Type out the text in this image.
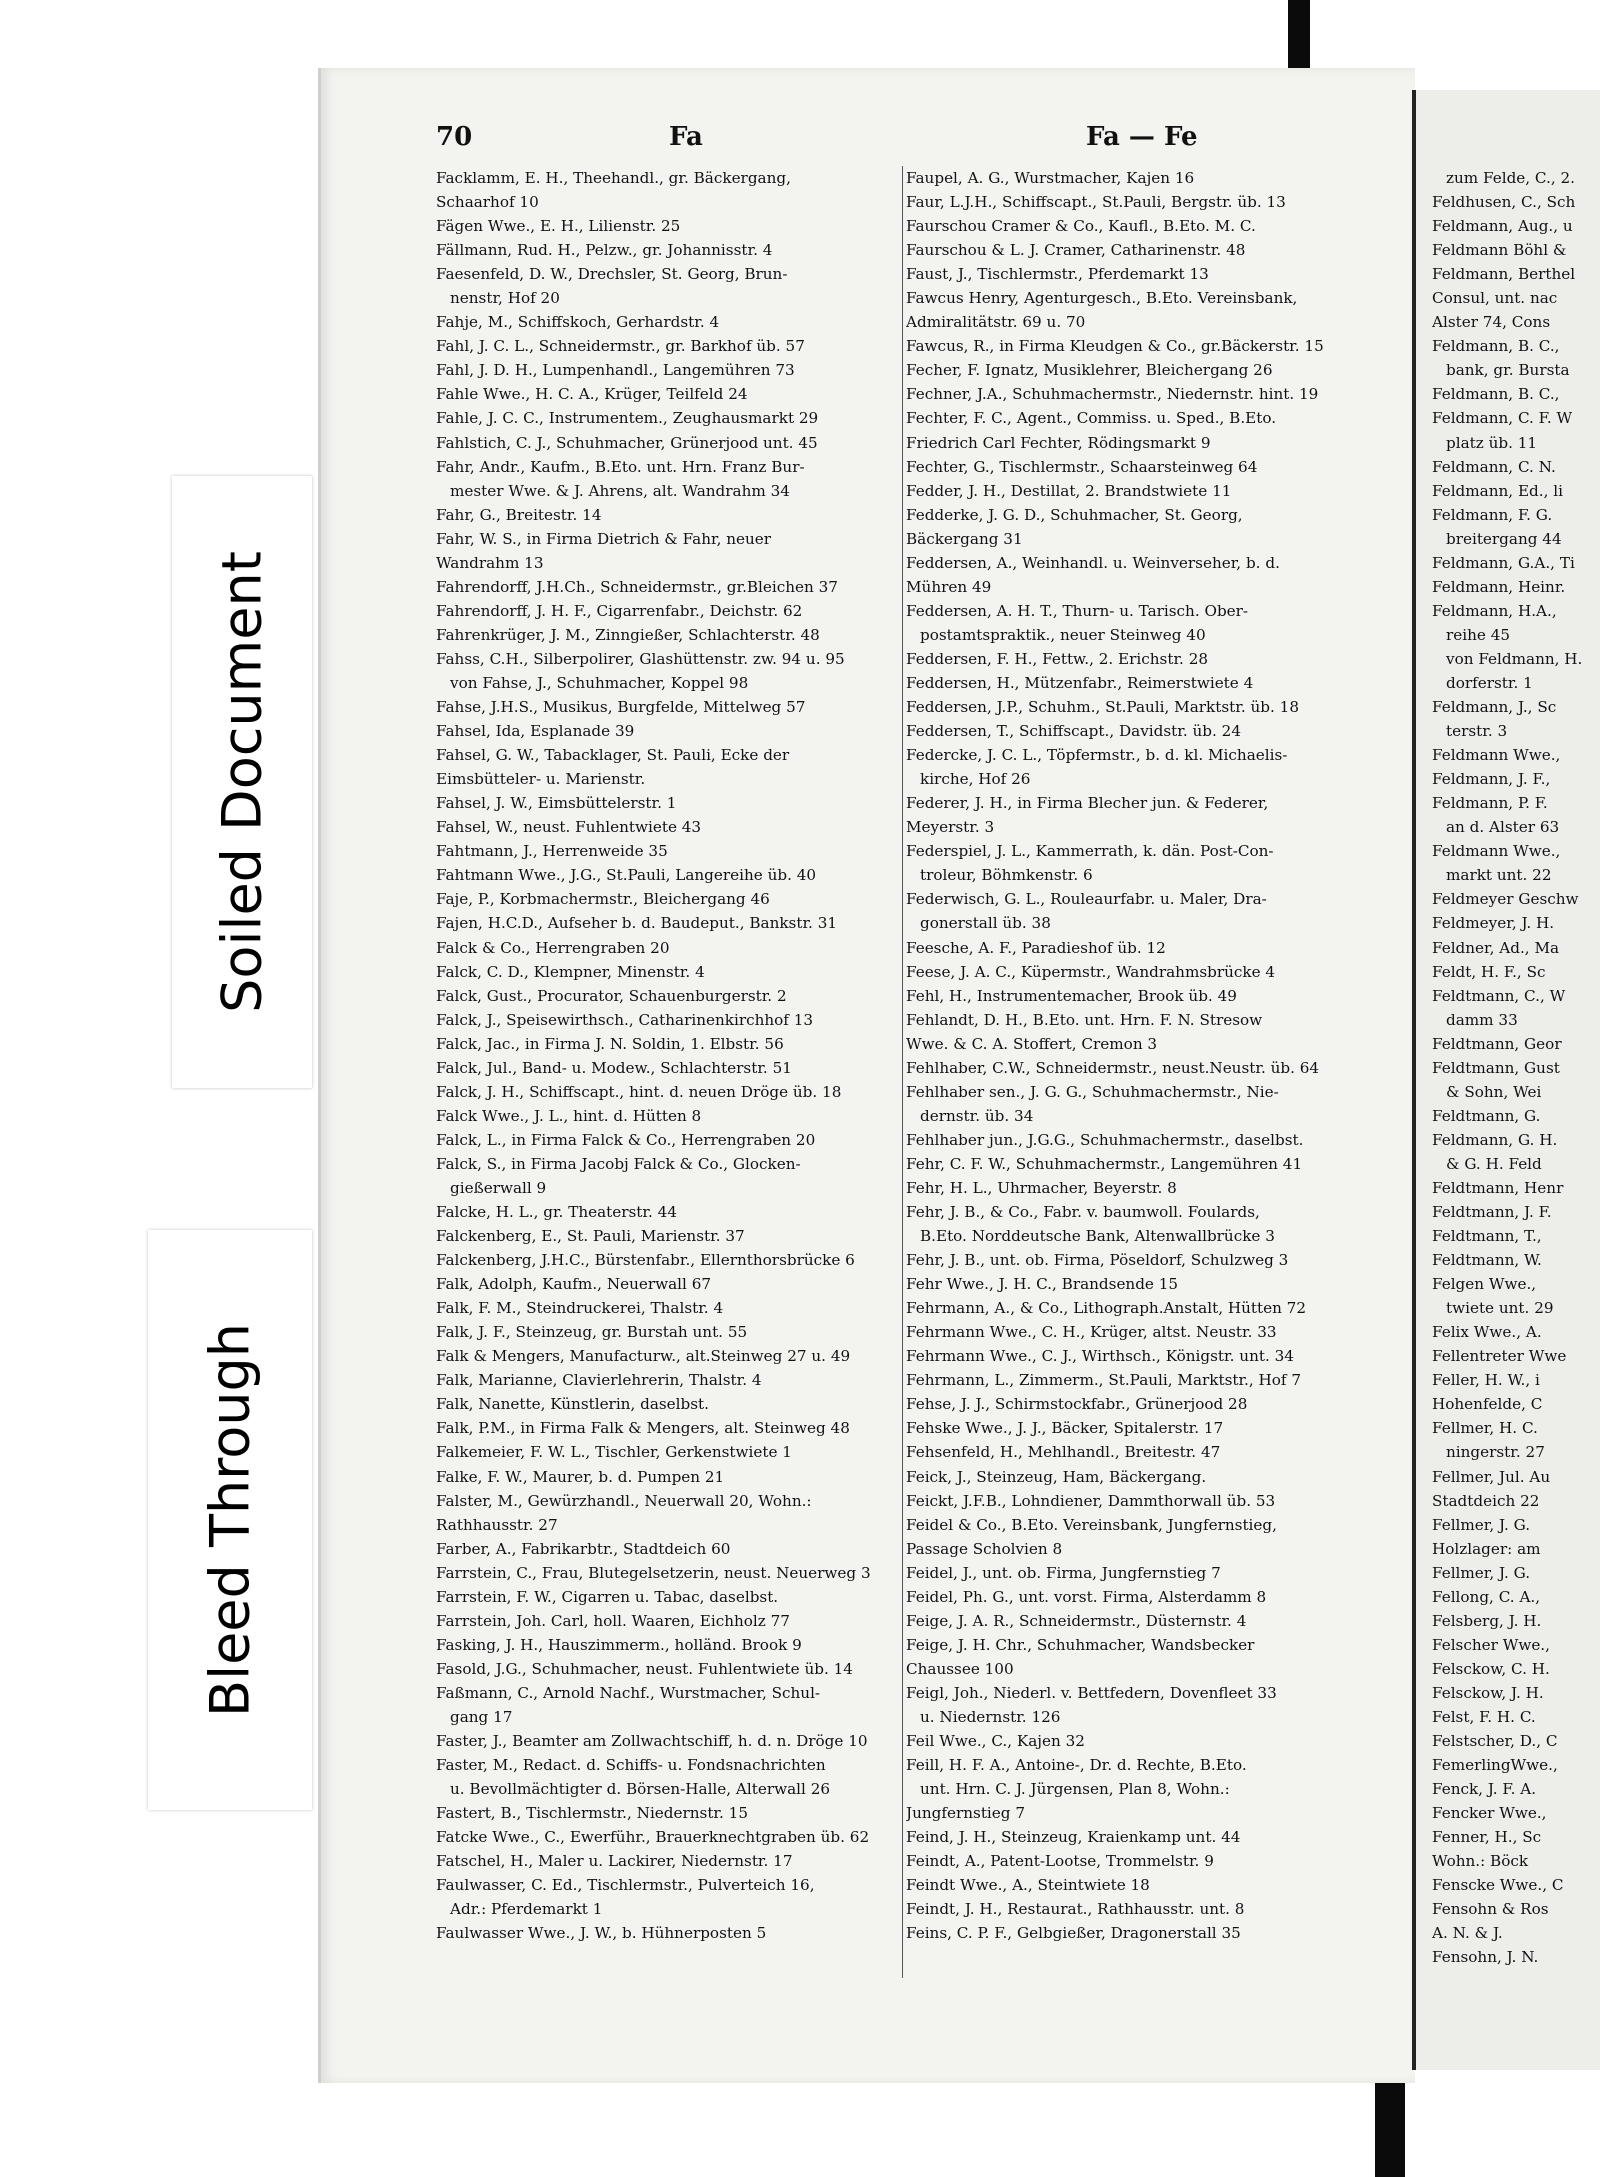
70	Fa	Fa — Fe
Facklamm, E. H., Theehandl., gr. Bäckergang,
Schaarhof 10
Fägen Wwe., E. H., Lilienstr. 25
Fällmann, Rud. H., Pelzw., gr. Johannisstr. 4
Faesenfeld, D. W., Drechsler, St. Georg, Brun-
nenstr, Hof 20
Fahje, M., Schiffskoch, Gerhardstr. 4
Fahl, J. C. L., Schneidermstr., gr. Barkhof üb. 57
Fahl, J. D. H., Lumpenhandl., Langemühren 73
Fahle Wwe., H. C. A., Krüger, Teilfeld 24
Fahle, J. C. C., Instrumentem., Zeughausmarkt 29
Fahlstich, C. J., Schuhmacher, Grünerjood unt. 45
Fahr, Andr., Kaufm., B.Eto. unt. Hrn. Franz Bur-
mester Wwe. & J. Ahrens, alt. Wandrahm 34
Fahr, G., Breitestr. 14
Fahr, W. S., in Firma Dietrich & Fahr, neuer
Wandrahm 13
Fahrendorff, J.H.Ch., Schneidermstr., gr.Bleichen 37
Fahrendorff, J. H. F., Cigarrenfabr., Deichstr. 62
Fahrenkrüger, J. M., Zinngießer, Schlachterstr. 48
Fahss, C.H., Silberpolirer, Glashüttenstr. zw. 94 u. 95
von Fahse, J., Schuhmacher, Koppel 98
Fahse, J.H.S., Musikus, Burgfelde, Mittelweg 57
Fahsel, Ida, Esplanade 39
Fahsel, G. W., Tabacklager, St. Pauli, Ecke der
Eimsbütteler- u. Marienstr.
Fahsel, J. W., Eimsbüttelerstr. 1
Fahsel, W., neust. Fuhlentwiete 43
Fahtmann, J., Herrenweide 35
Fahtmann Wwe., J.G., St.Pauli, Langereihe üb. 40
Faje, P., Korbmachermstr., Bleichergang 46
Fajen, H.C.D., Aufseher b. d. Baudeput., Bankstr. 31
Falck & Co., Herrengraben 20
Falck, C. D., Klempner, Minenstr. 4
Falck, Gust., Procurator, Schauenburgerstr. 2
Falck, J., Speisewirthsch., Catharinenkirchhof 13
Falck, Jac., in Firma J. N. Soldin, 1. Elbstr. 56
Falck, Jul., Band- u. Modew., Schlachterstr. 51
Falck, J. H., Schiffscapt., hint. d. neuen Dröge üb. 18
Falck Wwe., J. L., hint. d. Hütten 8
Falck, L., in Firma Falck & Co., Herrengraben 20
Falck, S., in Firma Jacobj Falck & Co., Glocken-
gießerwall 9
Falcke, H. L., gr. Theaterstr. 44
Falckenberg, E., St. Pauli, Marienstr. 37
Falckenberg, J.H.C., Bürstenfabr., Ellernthorsbrücke 6
Falk, Adolph, Kaufm., Neuerwall 67
Falk, F. M., Steindruckerei, Thalstr. 4
Falk, J. F., Steinzeug, gr. Burstah unt. 55
Falk & Mengers, Manufacturw., alt.Steinweg 27 u. 49
Falk, Marianne, Clavierlehrerin, Thalstr. 4
Falk, Nanette, Künstlerin, daselbst.
Falk, P.M., in Firma Falk & Mengers, alt. Steinweg 48
Falkemeier, F. W. L., Tischler, Gerkenstwiete 1
Falke, F. W., Maurer, b. d. Pumpen 21
Falster, M., Gewürzhandl., Neuerwall 20, Wohn.:
Rathhausstr. 27
Farber, A., Fabrikarbtr., Stadtdeich 60
Farrstein, C., Frau, Blutegelsetzerin, neust. Neuerweg 3
Farrstein, F. W., Cigarren u. Tabac, daselbst.
Farrstein, Joh. Carl, holl. Waaren, Eichholz 77
Fasking, J. H., Hauszimmerm., holländ. Brook 9
Fasold, J.G., Schuhmacher, neust. Fuhlentwiete üb. 14
Faßmann, C., Arnold Nachf., Wurstmacher, Schul-
gang 17
Faster, J., Beamter am Zollwachtschiff, h. d. n. Dröge 10
Faster, M., Redact. d. Schiffs- u. Fondsnachrichten
u. Bevollmächtigter d. Börsen-Halle, Alterwall 26
Fastert, B., Tischlermstr., Niedernstr. 15
Fatcke Wwe., C., Ewerführ., Brauerknechtgraben üb. 62
Fatschel, H., Maler u. Lackirer, Niedernstr. 17
Faulwasser, C. Ed., Tischlermstr., Pulverteich 16,
Adr.: Pferdemarkt 1
Faulwasser Wwe., J. W., b. Hühnerposten 5
Faupel, A. G., Wurstmacher, Kajen 16
Faur, L.J.H., Schiffscapt., St.Pauli, Bergstr. üb. 13
Faurschou Cramer & Co., Kaufl., B.Eto. M. C.
Faurschou & L. J. Cramer, Catharinenstr. 48
Faust, J., Tischlermstr., Pferdemarkt 13
Fawcus Henry, Agenturgesch., B.Eto. Vereinsbank,
Admiralitätstr. 69 u. 70
Fawcus, R., in Firma Kleudgen & Co., gr.Bäckerstr. 15
Fecher, F. Ignatz, Musiklehrer, Bleichergang 26
Fechner, J.A., Schuhmachermstr., Niedernstr. hint. 19
Fechter, F. C., Agent., Commiss. u. Sped., B.Eto.
Friedrich Carl Fechter, Rödingsmarkt 9
Fechter, G., Tischlermstr., Schaarsteinweg 64
Fedder, J. H., Destillat, 2. Brandstwiete 11
Fedderke, J. G. D., Schuhmacher, St. Georg,
Bäckergang 31
Feddersen, A., Weinhandl. u. Weinverseher, b. d.
Mühren 49
Feddersen, A. H. T., Thurn- u. Tarisch. Ober-
postamtspraktik., neuer Steinweg 40
Feddersen, F. H., Fettw., 2. Erichstr. 28
Feddersen, H., Mützenfabr., Reimerstwiete 4
Feddersen, J.P., Schuhm., St.Pauli, Marktstr. üb. 18
Feddersen, T., Schiffscapt., Davidstr. üb. 24
Federcke, J. C. L., Töpfermstr., b. d. kl. Michaelis-
kirche, Hof 26
Federer, J. H., in Firma Blecher jun. & Federer,
Meyerstr. 3
Federspiel, J. L., Kammerrath, k. dän. Post-Con-
troleur, Böhmkenstr. 6
Federwisch, G. L., Rouleaurfabr. u. Maler, Dra-
gonerstall üb. 38
Feesche, A. F., Paradieshof üb. 12
Feese, J. A. C., Küpermstr., Wandrahmsbrücke 4
Fehl, H., Instrumentemacher, Brook üb. 49
Fehlandt, D. H., B.Eto. unt. Hrn. F. N. Stresow
Wwe. & C. A. Stoffert, Cremon 3
Fehlhaber, C.W., Schneidermstr., neust.Neustr. üb. 64
Fehlhaber sen., J. G. G., Schuhmachermstr., Nie-
dernstr. üb. 34
Fehlhaber jun., J.G.G., Schuhmachermstr., daselbst.
Fehr, C. F. W., Schuhmachermstr., Langemühren 41
Fehr, H. L., Uhrmacher, Beyerstr. 8
Fehr, J. B., & Co., Fabr. v. baumwoll. Foulards,
B.Eto. Norddeutsche Bank, Altenwallbrücke 3
Fehr, J. B., unt. ob. Firma, Pöseldorf, Schulzweg 3
Fehr Wwe., J. H. C., Brandsende 15
Fehrmann, A., & Co., Lithograph.Anstalt, Hütten 72
Fehrmann Wwe., C. H., Krüger, altst. Neustr. 33
Fehrmann Wwe., C. J., Wirthsch., Königstr. unt. 34
Fehrmann, L., Zimmerm., St.Pauli, Marktstr., Hof 7
Fehse, J. J., Schirmstockfabr., Grünerjood 28
Fehske Wwe., J. J., Bäcker, Spitalerstr. 17
Fehsenfeld, H., Mehlhandl., Breitestr. 47
Feick, J., Steinzeug, Ham, Bäckergang.
Feickt, J.F.B., Lohndiener, Dammthorwall üb. 53
Feidel & Co., B.Eto. Vereinsbank, Jungfernstieg,
Passage Scholvien 8
Feidel, J., unt. ob. Firma, Jungfernstieg 7
Feidel, Ph. G., unt. vorst. Firma, Alsterdamm 8
Feige, J. A. R., Schneidermstr., Düsternstr. 4
Feige, J. H. Chr., Schuhmacher, Wandsbecker
Chaussee 100
Feigl, Joh., Niederl. v. Bettfedern, Dovenfleet 33
u. Niedernstr. 126
Feil Wwe., C., Kajen 32
Feill, H. F. A., Antoine-, Dr. d. Rechte, B.Eto.
unt. Hrn. C. J. Jürgensen, Plan 8, Wohn.:
Jungfernstieg 7
Feind, J. H., Steinzeug, Kraienkamp unt. 44
Feindt, A., Patent-Lootse, Trommelstr. 9
Feindt Wwe., A., Steintwiete 18
Feindt, J. H., Restaurat., Rathhausstr. unt. 8
Feins, C. P. F., Gelbgießer, Dragonerstall 35
zum Felde, C., 2.
Feldhusen, C., Sch
Feldmann, Aug., u
Feldmann Böhl &
Feldmann, Berthel
Consul, unt. nac
Alster 74, Cons
Feldmann, B. C.,
bank, gr. Bursta
Feldmann, B. C.,
Feldmann, C. F. W
platz üb. 11
Feldmann, C. N.
Feldmann, Ed., li
Feldmann, F. G.
breitergang 44
Feldmann, G.A., Ti
Feldmann, Heinr.
Feldmann, H.A.,
reihe 45
von Feldmann, H.
dorferstr. 1
Feldmann, J., Sc
terstr. 3
Feldmann Wwe.,
Feldmann, J. F.,
Feldmann, P. F.
an d. Alster 63
Feldmann Wwe.,
markt unt. 22
Feldmeyer Geschw
Feldmeyer, J. H.
Feldner, Ad., Ma
Feldt, H. F., Sc
Feldtmann, C., W
damm 33
Feldtmann, Geor
Feldtmann, Gust
& Sohn, Wei
Feldtmann, G.
Feldmann, G. H.
& G. H. Feld
Feldtmann, Henr
Feldtmann, J. F.
Feldtmann, T.,
Feldtmann, W.
Felgen Wwe.,
twiete unt. 29
Felix Wwe., A.
Fellentreter Wwe
Feller, H. W., i
Hohenfelde, C
Fellmer, H. C.
ningerstr. 27
Fellmer, Jul. Au
Stadtdeich 22
Fellmer, J. G.
Holzlager: am
Fellmer, J. G.
Fellong, C. A.,
Felsberg, J. H.
Felscher Wwe.,
Felsckow, C. H.
Felsckow, J. H.
Felst, F. H. C.
Felstscher, D., C
FemerlingWwe.,
Fenck, J. F. A.
Fencker Wwe.,
Fenner, H., Sc
Wohn.: Böck
Fenscke Wwe., C
Fensohn & Ros
A. N. & J.
Fensohn, J. N.
Soiled Document
Bleed Through
